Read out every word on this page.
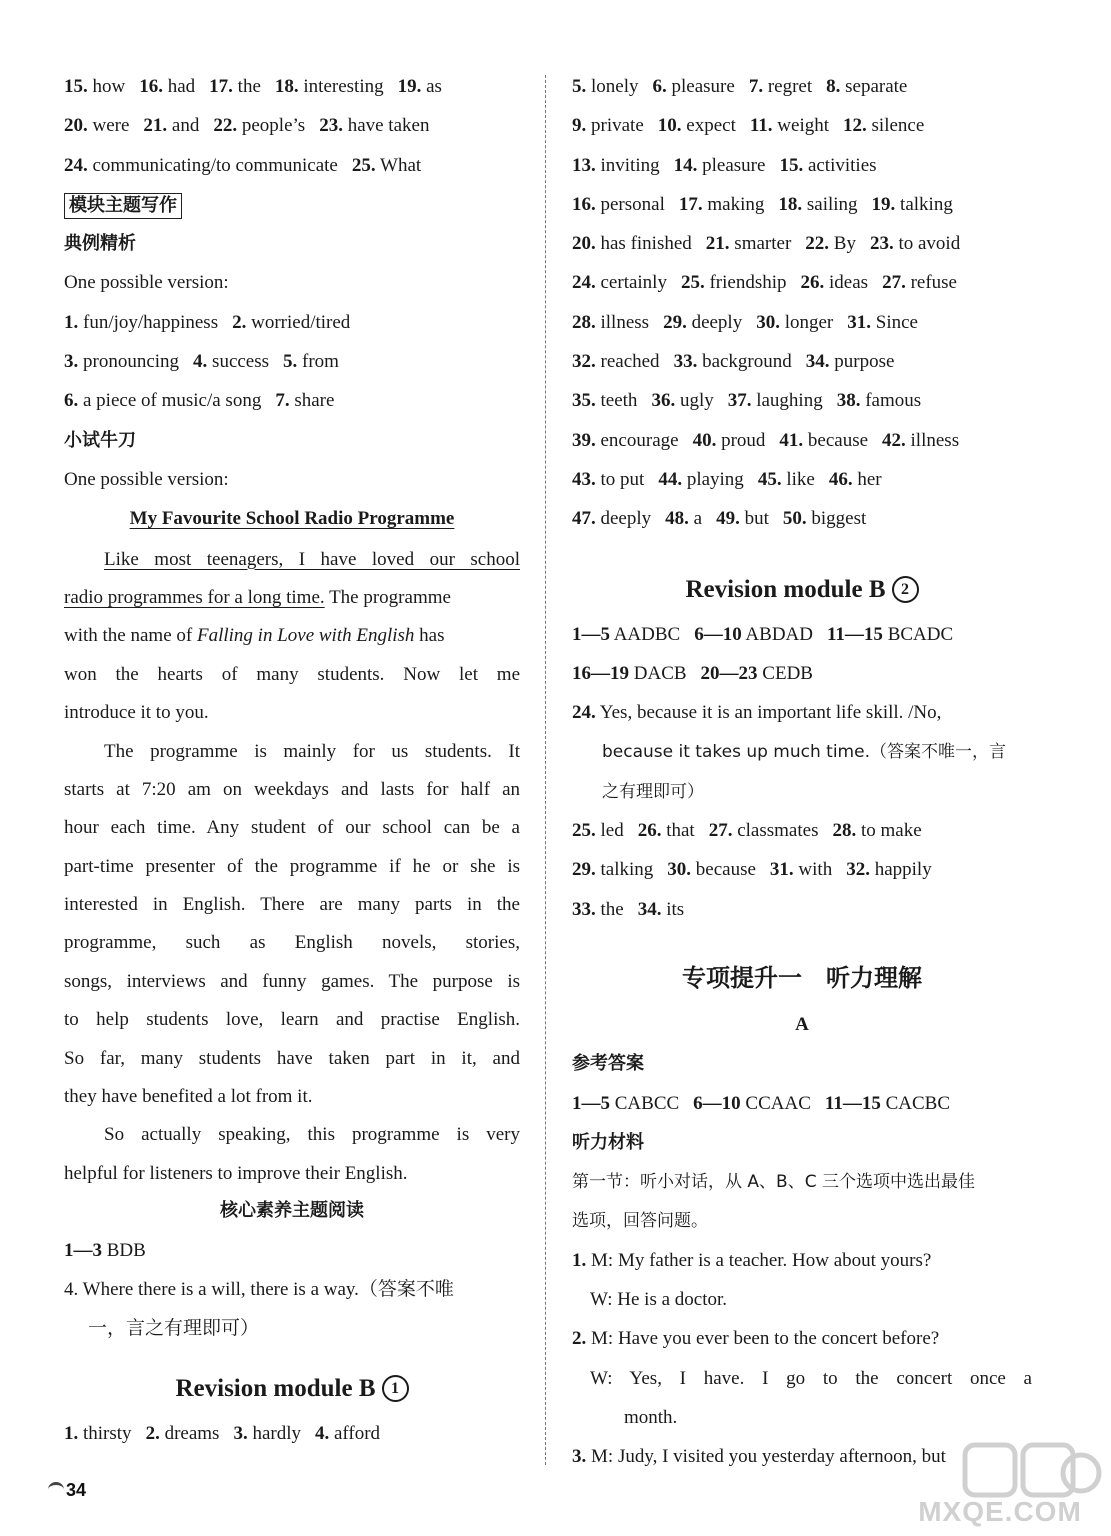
15. how 16. had 17. the 18. interesting 19. as
20. were 21. and 22. people’s 23. have taken
24. communicating/to communicate 25. What
模块主题写作
典例精析
One possible version:
1. fun/joy/happiness 2. worried/tired
3. pronouncing 4. success 5. from
6. a piece of music/a song 7. share
小试牛刀
One possible version:
My Favourite School Radio Programme
Like most teenagers, I have loved our school
radio programmes for a long time. The programme
with the name of Falling in Love with English has
won the hearts of many students. Now let me
introduce it to you.
The programme is mainly for us students. It
starts at 7:20 am on weekdays and lasts for half an
hour each time. Any student of our school can be a
part-time presenter of the programme if he or she is
interested in English. There are many parts in the
programme, such as English novels, stories,
songs, interviews and funny games. The purpose is
to help students love, learn and practise English.
So far, many students have taken part in it, and
they have benefited a lot from it.
So actually speaking, this programme is very
helpful for listeners to improve their English.
核心素养主题阅读
1—3 BDB
4. Where there is a will, there is a way.（答案不唯
一，言之有理即可）
Revision module B 1
1. thirsty 2. dreams 3. hardly 4. afford
5. lonely 6. pleasure 7. regret 8. separate
9. private 10. expect 11. weight 12. silence
13. inviting 14. pleasure 15. activities
16. personal 17. making 18. sailing 19. talking
20. has finished 21. smarter 22. By 23. to avoid
24. certainly 25. friendship 26. ideas 27. refuse
28. illness 29. deeply 30. longer 31. Since
32. reached 33. background 34. purpose
35. teeth 36. ugly 37. laughing 38. famous
39. encourage 40. proud 41. because 42. illness
43. to put 44. playing 45. like 46. her
47. deeply 48. a 49. but 50. biggest
Revision module B 2
1—5 AADBC 6—10 ABDAD 11—15 BCADC
16—19 DACB 20—23 CEDB
24. Yes, because it is an important life skill. /No,
because it takes up much time.（答案不唯一，言
之有理即可）
25. led 26. that 27. classmates 28. to make
29. talking 30. because 31. with 32. happily
33. the 34. its
专项提升一　听力理解
A
参考答案
1—5 CABCC 6—10 CCAAC 11—15 CACBC
听力材料
第一节：听小对话，从 A、B、C 三个选项中选出最佳
选项，回答问题。
1. M: My father is a teacher. How about yours?
W: He is a doctor.
2. M: Have you ever been to the concert before?
W: Yes, I have. I go to the concert once a
month.
3. M: Judy, I visited you yesterday afternoon, but
34
MXQE.COM
